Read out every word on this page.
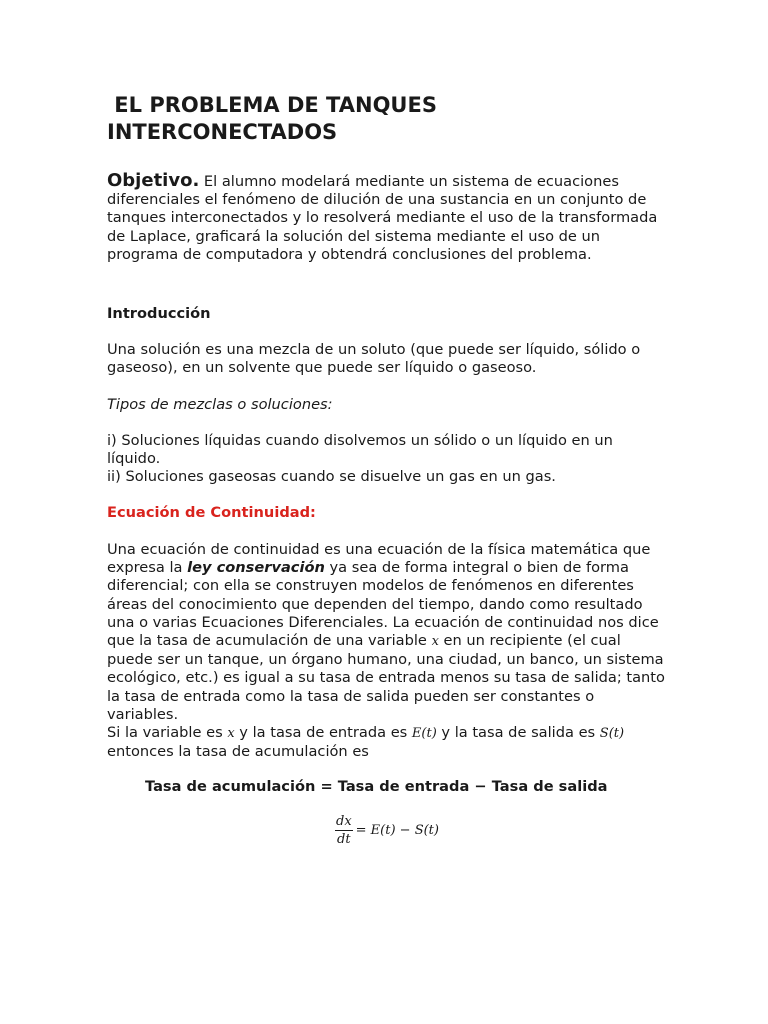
EL PROBLEMA DE TANQUES
INTERCONECTADOS

Objetivo. El alumno modelará mediante un sistema de ecuaciones diferenciales el fenómeno de dilución de una sustancia en un conjunto de tanques interconectados y lo resolverá mediante el uso de la transformada de Laplace, graficará la solución del sistema mediante el uso de un programa de computadora y obtendrá conclusiones del problema.

Introducción

Una solución es una mezcla de un soluto (que puede ser líquido, sólido o gaseoso), en un solvente que puede ser líquido o gaseoso.

Tipos de mezclas o soluciones:

i) Soluciones líquidas cuando disolvemos un sólido o un líquido en un líquido.

ii) Soluciones gaseosas cuando se disuelve un gas en un gas.

Ecuación de Continuidad:

Una ecuación de continuidad es una ecuación de la física matemática que expresa la ley conservación ya sea de forma integral o bien de forma diferencial; con ella se construyen modelos de fenómenos en diferentes áreas del conocimiento que dependen del tiempo, dando como resultado una o varias Ecuaciones Diferenciales. La ecuación de continuidad nos dice que la tasa de acumulación de una variable x en un recipiente (el cual puede ser un tanque, un órgano humano, una ciudad, un banco, un sistema ecológico, etc.) es igual a su tasa de entrada menos su tasa de salida; tanto la tasa de entrada como la tasa de salida pueden ser constantes o variables.
Si la variable es x y la tasa de entrada es E(t) y la tasa de salida es S(t) entonces la tasa de acumulación es

Tasa de acumulación = Tasa de entrada − Tasa de salida
$\frac{dx}{dt} = E(t) - S(t)$
